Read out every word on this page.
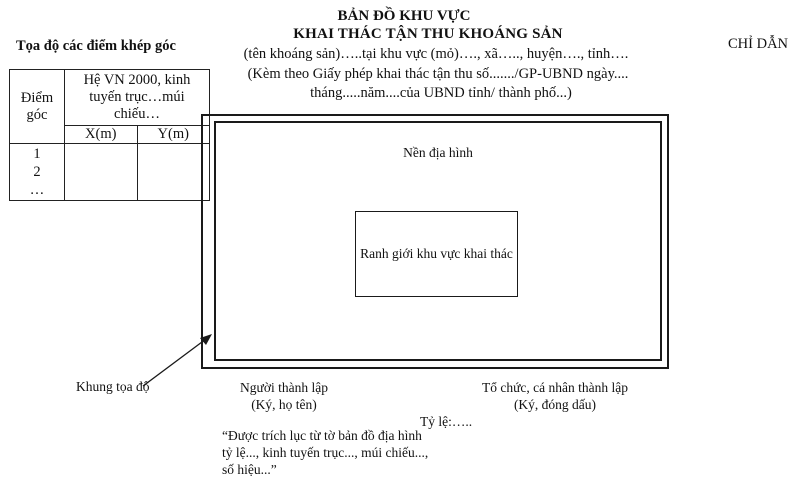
BẢN ĐỒ KHU VỰC
KHAI THÁC TẬN THU KHOÁNG SẢN
(tên khoáng sản)…..tại khu vực (mỏ)…., xã….., huyện…., tỉnh….
(Kèm theo Giấy phép khai thác tận thu số......./GP-UBND ngày....
tháng.....năm....của UBND tỉnh/ thành phố...)
Tọa độ các điểm khép góc	CHỈ DẪN
Điểm góc	Hệ VN 2000, kinh tuyến trục…múi chiếu…	
	X(m)	Y(m)

1
2
…		

Nền địa hình
Ranh giới khu vực khai thác
Khung tọa độ	Người thành lập
(Ký, họ tên)
Tổ chức, cá nhân thành lập
(Ký, đóng dấu)
Tỷ lệ:…..
“Được trích lục từ tờ bản đồ địa hình tỷ lệ..., kinh tuyến trục..., múi chiếu..., số hiệu...”
